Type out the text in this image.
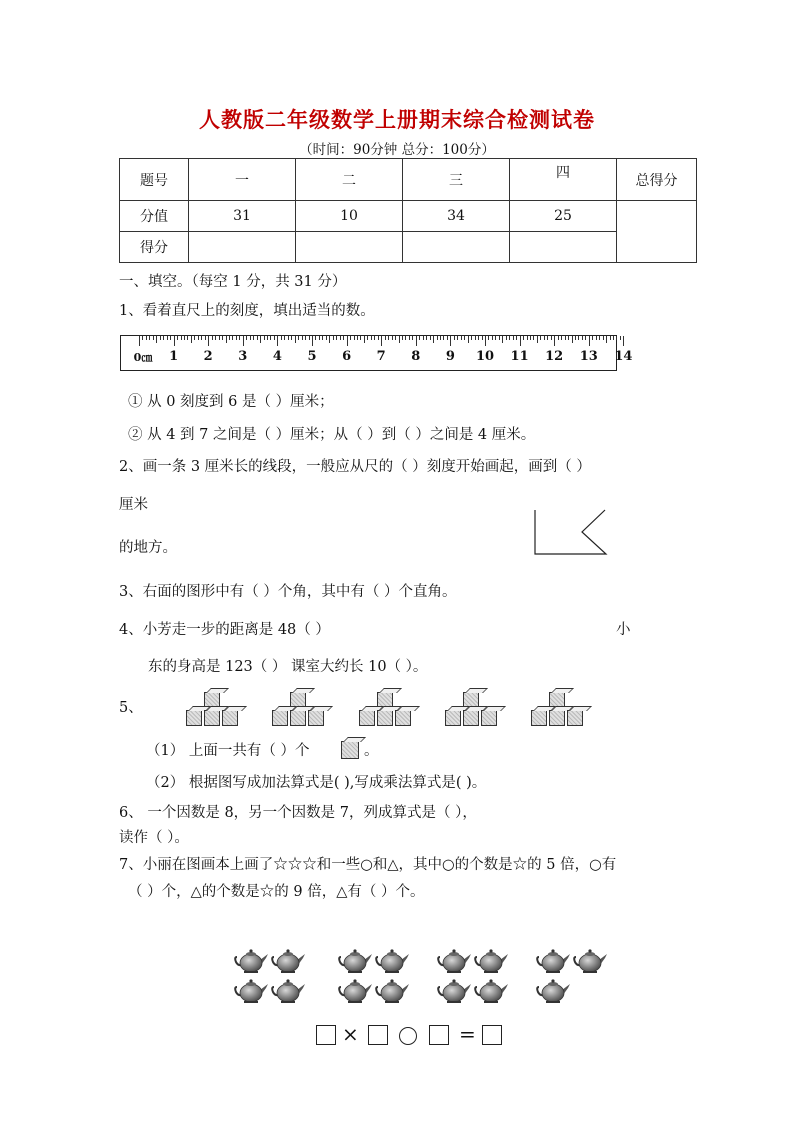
人教版二年级数学上册期末综合检测试卷
（时间：90分钟 总分：100分）
题号	一	二	三	四	总得分
分值	31	10	34	25	
得分					
一、填空。（每空 1 分，共 31 分）
1、看着直尺上的刻度，填出适当的数。
0㎝ 1 2 3 4 5 6 7 8 9 10 11 12 13 14
① 从 0 刻度到 6 是（ ）厘米；
② 从 4 到 7 之间是（ ）厘米；从（ ）到（ ）之间是 4 厘米。
2、画一条 3 厘米长的线段，一般应从尺的（ ）刻度开始画起，画到（ ）
厘米
的地方。
3、右面的图形中有（ ）个角，其中有（ ）个直角。
4、小芳走一步的距离是 48（ ）	小
东的身高是 123（ ） 课室大约长 10（ ）。
5、
（1） 上面一共有（ ）个	。
（2） 根据图写成加法算式是( ),写成乘法算式是( )。
6、 一个因数是 8，另一个因数是 7，列成算式是（ ），
读作（ ）。
7、小丽在图画本上画了☆☆☆和一些○和△，其中○的个数是☆的 5 倍，○有
（ ）个，△的个数是☆的 9 倍，△有（ ）个。
×	=
